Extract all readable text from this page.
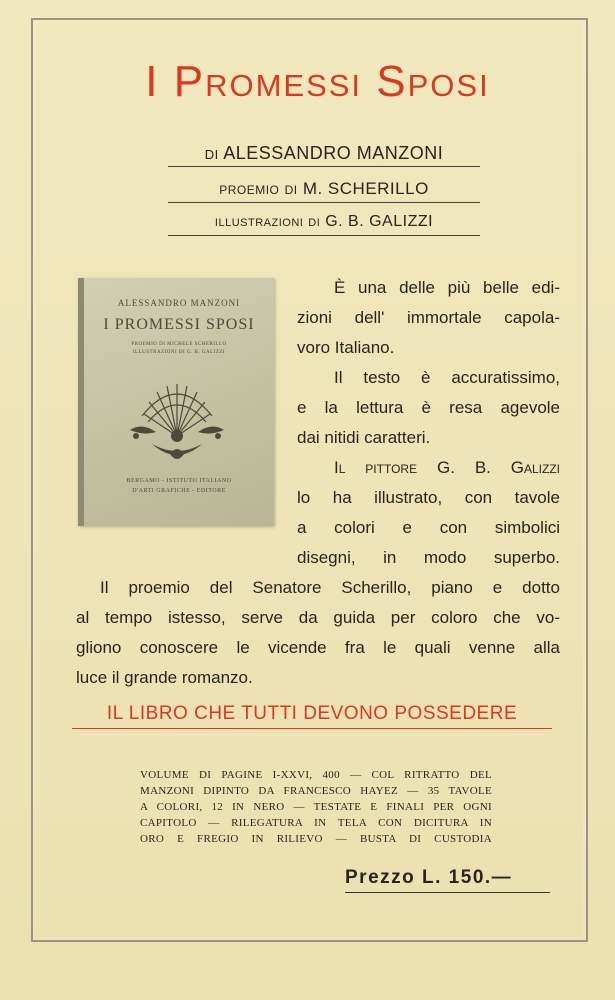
I Promessi Sposi
di ALESSANDRO MANZONI
proemio di M. SCHERILLO
illustrazioni di G. B. GALIZZI
ALESSANDRO MANZONI
I PROMESSI SPOSI
PROEMIO DI MICHELE SCHERILLO
ILLUSTRAZIONI DI G. B. GALIZZI
BERGAMO - ISTITUTO ITALIANO
D'ARTI GRAFICHE - EDITORE
È una delle più belle edi-
zioni dell' immortale capola-
voro Italiano.
Il testo è accuratissimo,
e la lettura è resa agevole
dai nitidi caratteri.
Il pittore G. B. Galizzi
lo ha illustrato, con tavole
a colori e con simbolici
disegni, in modo superbo.
Il proemio del Senatore Scherillo, piano e dotto
al tempo istesso, serve da guida per coloro che vo-
gliono conoscere le vicende fra le quali venne alla
luce il grande romanzo.
IL LIBRO CHE TUTTI DEVONO POSSEDERE
VOLUME DI PAGINE I-XXVI, 400 — COL RITRATTO DEL
MANZONI DIPINTO DA FRANCESCO HAYEZ — 35 TAVOLE
A COLORI, 12 IN NERO — TESTATE E FINALI PER OGNI
CAPITOLO — RILEGATURA IN TELA CON DICITURA IN
ORO E FREGIO IN RILIEVO — BUSTA DI CUSTODIA
Prezzo L. 150.—
